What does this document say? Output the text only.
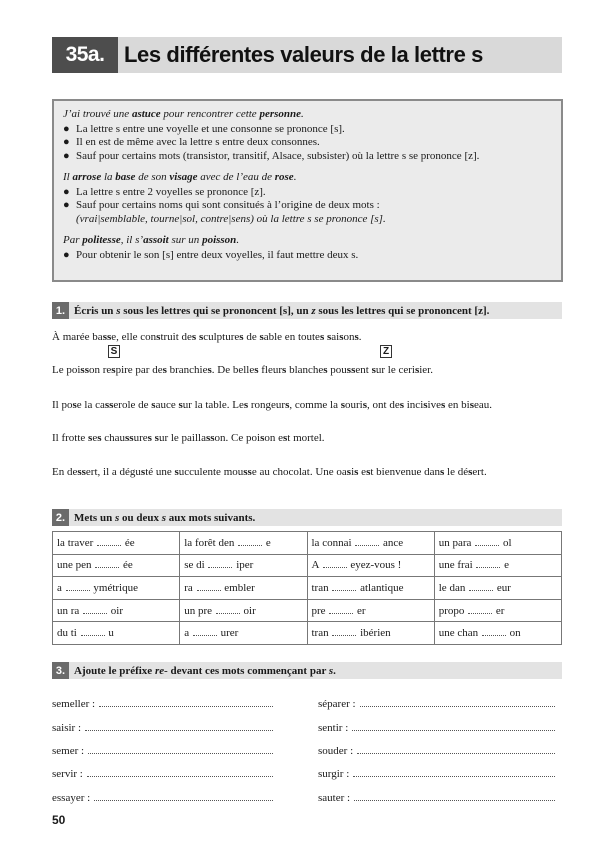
35a. Les différentes valeurs de la lettre s
J’ai trouvé une astuce pour rencontrer cette personne.
● La lettre s entre une voyelle et une consonne se prononce [s].
● Il en est de même avec la lettre s entre deux consonnes.
● Sauf pour certains mots (transistor, transitif, Alsace, subsister) où la lettre s se prononce [z].
Il arrose la base de son visage avec de l’eau de rose.
● La lettre s entre 2 voyelles se prononce [z].
● Sauf pour certains noms qui sont consitués à l’origine de deux mots :
(vrai|semblable, tourne|sol, contre|sens) où la lettre s se prononce [s].
Par politesse, il s’assoit sur un poisson.
● Pour obtenir le son [s] entre deux voyelles, il faut mettre deux s.
1. Écris un s sous les lettres qui se prononcent [s], un z sous les lettres qui se prononcent [z].
À marée basse, elle construit des sculptures de sable en toutes saisons.
S	Z
Le poisson respire par des branchies. De belles fleurs blanches poussent sur le cerisier.
Il pose la casserole de sauce sur la table. Les rongeurs, comme la souris, ont des incisives en biseau.
Il frotte ses chaussures sur le paillasson. Ce poison est mortel.
En dessert, il a dégusté une succulente mousse au chocolat. Une oasis est bienvenue dans le désert.
2. Mets un s ou deux s aux mots suivants.
la traver ée	la forêt den e	la connai ance	un para ol
une pen ée	se di iper	A eyez-vous !	une frai e
a ymétrique	ra embler	tran atlantique	le dan eur
un ra oir	un pre oir	pre er	propo er
du ti u	a urer	tran ibérien	une chan on
3. Ajoute le préfixe re- devant ces mots commençant par s.
semeller :
saisir :
semer :
servir :
essayer :
séparer :
sentir :
souder :
surgir :
sauter :
50
